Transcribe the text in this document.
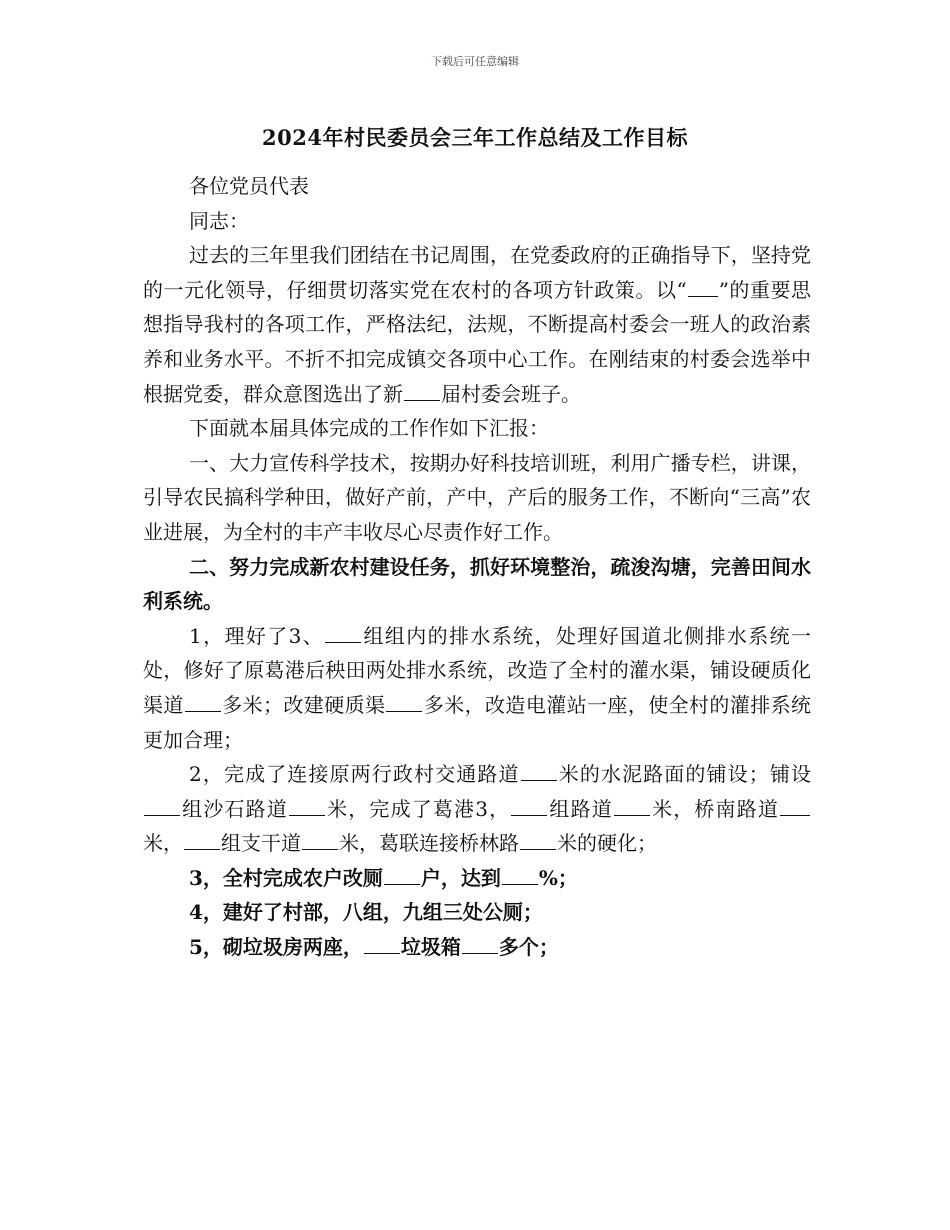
下载后可任意编辑
2024年村民委员会三年工作总结及工作目标

各位党员代表

同志：

过去的三年里我们团结在书记周围，在党委政府的正确指导下，坚持党的一元化领导，仔细贯切落实党在农村的各项方针政策。以“ ”的重要思想指导我村的各项工作，严格法纪，法规，不断提高村委会一班人的政治素养和业务水平。不折不扣完成镇交各项中心工作。在刚结束的村委会选举中根据党委，群众意图选出了新 届村委会班子。

下面就本届具体完成的工作作如下汇报：

一、大力宣传科学技术，按期办好科技培训班，利用广播专栏，讲课，引导农民搞科学种田，做好产前，产中，产后的服务工作，不断向“三高”农业进展，为全村的丰产丰收尽心尽责作好工作。

二、努力完成新农村建设任务，抓好环境整治，疏浚沟塘，完善田间水利系统。

1，理好了3、 组组内的排水系统，处理好国道北侧排水系统一处，修好了原葛港后秧田两处排水系统，改造了全村的灌水渠，铺设硬质化渠道 多米；改建硬质渠 多米，改造电灌站一座，使全村的灌排系统更加合理；

2，完成了连接原两行政村交通路道 米的水泥路面的铺设；铺设组沙石路道 米，完成了葛港3， 组路道 米，桥南路道米， 组支干道 米，葛联连接桥林路 米的硬化；

3，全村完成农户改厕 户，达到 %；

4，建好了村部，八组，九组三处公厕；

5，砌垃圾房两座， 垃圾箱 多个；
